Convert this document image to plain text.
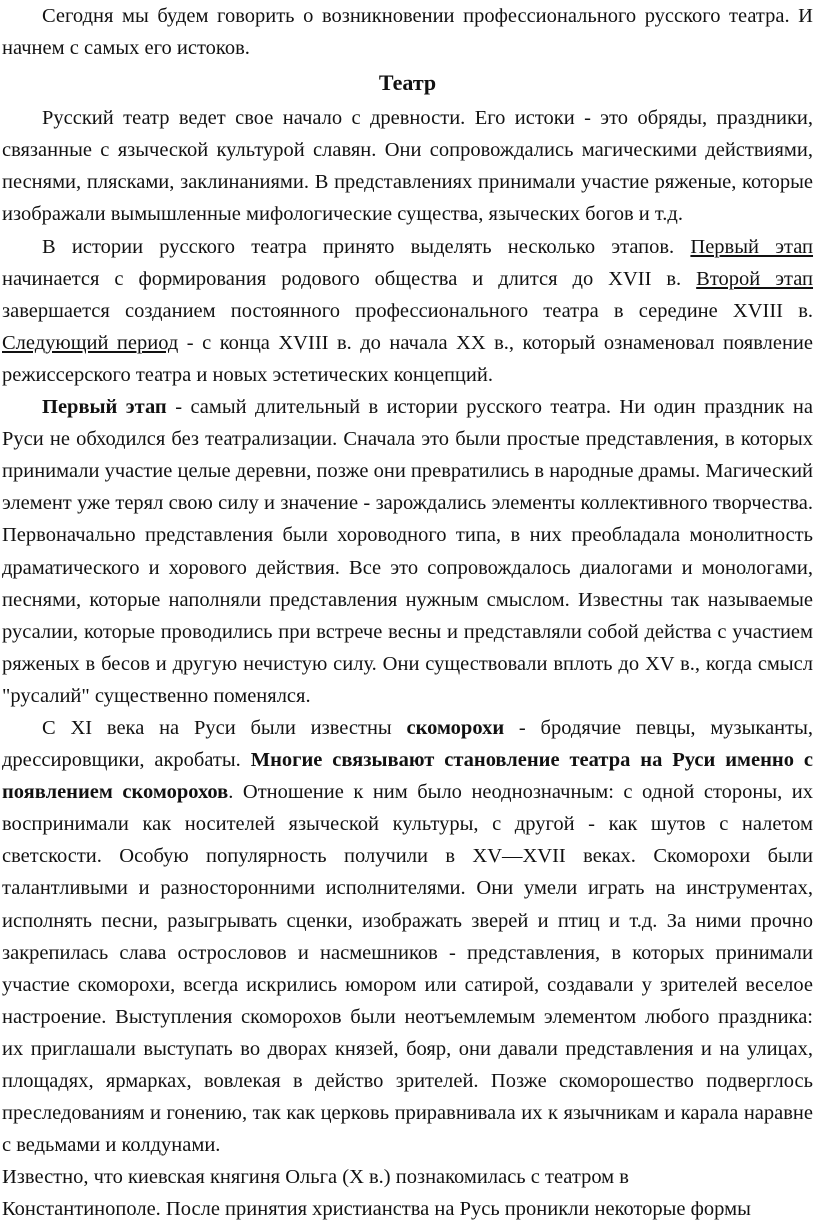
Сегодня мы будем говорить о возникновении профессионального русского театра. И начнем с самых его истоков.

Театр

Русский театр ведет свое начало с древности. Его истоки - это обряды, праздники, связанные с языческой культурой славян. Они сопровождались магическими действиями, песнями, плясками, заклинаниями. В представлениях принимали участие ряженые, которые изображали вымышленные мифологические существа, языческих богов и т.д.

В истории русского театра принято выделять несколько этапов. Первый этап начинается с формирования родового общества и длится до XVII в. Второй этап завершается созданием постоянного профессионального театра в середине XVIII в. Следующий период - с конца XVIII в. до начала XX в., который ознаменовал появление режиссерского театра и новых эстетических концепций.

Первый этап - самый длительный в истории русского театра. Ни один праздник на Руси не обходился без театрализации. Сначала это были простые представления, в которых принимали участие целые деревни, позже они превратились в народные драмы. Магический элемент уже терял свою силу и значение - зарождались элементы коллективного творчества. Первоначально представления были хороводного типа, в них преобладала монолитность драматического и хорового действия. Все это сопровождалось диалогами и монологами, песнями, которые наполняли представления нужным смыслом. Известны так называемые русалии, которые проводились при встрече весны и представляли собой действа с участием ряженых в бесов и другую нечистую силу. Они существовали вплоть до XV в., когда смысл "русалий" существенно поменялся.

С XI века на Руси были известны скоморохи - бродячие певцы, музыканты, дрессировщики, акробаты. Многие связывают становление театра на Руси именно с появлением скоморохов. Отношение к ним было неоднозначным: с одной стороны, их воспринимали как носителей языческой культуры, с другой - как шутов с налетом светскости. Особую популярность получили в XV—XVII веках. Скоморохи были талантливыми и разносторонними исполнителями. Они умели играть на инструментах, исполнять песни, разыгрывать сценки, изображать зверей и птиц и т.д. За ними прочно закрепилась слава острословов и насмешников - представления, в которых принимали участие скоморохи, всегда искрились юмором или сатирой, создавали у зрителей веселое настроение. Выступления скоморохов были неотъемлемым элементом любого праздника: их приглашали выступать во дворах князей, бояр, они давали представления и на улицах, площадях, ярмарках, вовлекая в действо зрителей. Позже скоморошество подверглось преследованиям и гонению, так как церковь приравнивала их к язычникам и карала наравне с ведьмами и колдунами.

Известно, что киевская княгиня Ольга (X в.) познакомилась с театром в
Константинополе. После принятия христианства на Русь проникли некоторые формы
